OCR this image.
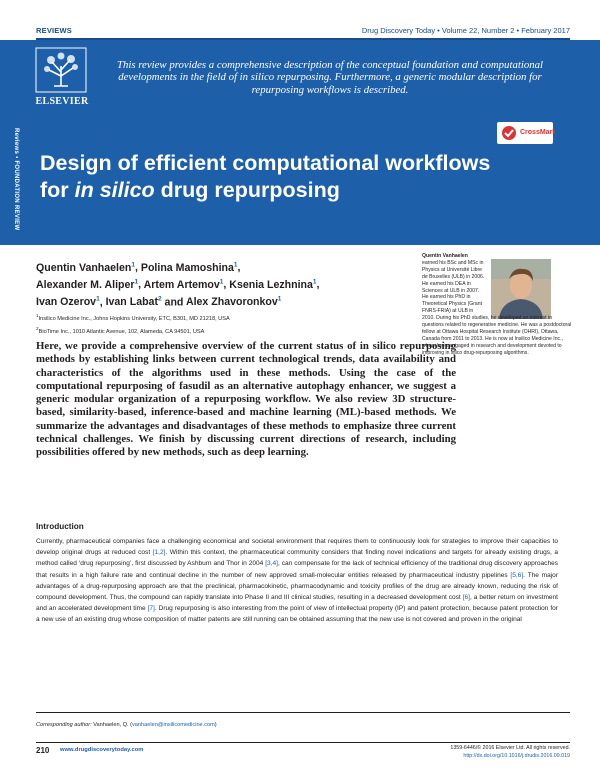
REVIEWS	Drug Discovery Today • Volume 22, Number 2 • February 2017
ELSEVIER
This review provides a comprehensive description of the conceptual foundation and computational developments in the field of in silico repurposing. Furthermore, a generic modular description for repurposing workflows is described.
CrossMark
Reviews • FOUNDATION REVIEW Design of efficient computational workflows for in silico drug repurposing
Quentin Vanhaelen$^1$, Polina Mamoshina$^1$,
Alexander M. Aliper$^1$, Artem Artemov$^1$, Ksenia Lezhnina$^1$,
Ivan Ozerov$^1$, Ivan Labat$^2$ and Alex Zhavoronkov$^1$
$^1$Insilico Medicine Inc., Johns Hopkins University, ETC, B301, MD 21218, USA
$^2$BioTime Inc., 1010 Atlantic Avenue, 102, Alameda, CA 94501, USA
Quentin Vanhaelen
earned his BSc and MSc in
Physics at Université Libre
de Bruxelles (ULB) in 2006.
He earned his DEA in
Sciences at ULB in 2007.
He earned his PhD in
Theoretical Physics (Grant
FNRS-FRIA) at ULB in
2010. During his PhD studies, he developed an interest in questions related to regenerative medicine. He was a postdoctoral fellow at Ottawa Hospital Research Institute (OHRI), Ottawa, Canada from 2011 to 2013. He is now at Insilico Medicine Inc., where he is engaged in research and development devoted to improving in silico drug-repurposing algorithms.
Here, we provide a comprehensive overview of the current status of in silico repurposing methods by establishing links between current technological trends, data availability and characteristics of the algorithms used in these methods. Using the case of the computational repurposing of fasudil as an alternative autophagy enhancer, we suggest a generic modular organization of a repurposing workflow. We also review 3D structure-based, similarity-based, inference-based and machine learning (ML)-based methods. We summarize the advantages and disadvantages of these methods to emphasize three current technical challenges. We finish by discussing current directions of research, including possibilities offered by new methods, such as deep learning.
Introduction
Currently, pharmaceutical companies face a challenging economical and societal environment that requires them to continuously look for strategies to improve their capacities to develop original drugs at reduced cost [1,2]. Within this context, the pharmaceutical community considers that finding novel indications and targets for already existing drugs, a method called ‘drug repurposing’, first discussed by Ashburn and Thor in 2004 [3,4], can compensate for the lack of technical efficiency of the traditional drug discovery approaches that results in a high failure rate and continual decline in the number of new approved small-molecular entities released by pharmaceutical industry pipelines [5,6]. The major advantages of a drug-repurposing approach are that the preclinical, pharmacokinetic, pharmacodynamic and toxicity profiles of the drug are already known, reducing the risk of compound development. Thus, the compound can rapidly translate into Phase II and III clinical studies, resulting in a decreased development cost [6], a better return on investment and an accelerated development time [7]. Drug repurposing is also interesting from the point of view of intellectual property (IP) and patent protection, because patent protection for a new use of an existing drug whose composition of matter patents are still running can be obtained assuming that the new use is not covered and proven in the original
Corresponding author: Vanhaelen, Q. (vanhaelen@insilicomedicine.com)
210 www.drugdiscoverytoday.com	1359-6446/© 2016 Elsevier Ltd. All rights reserved.
http://dx.doi.org/10.1016/j.drudis.2016.09.019
